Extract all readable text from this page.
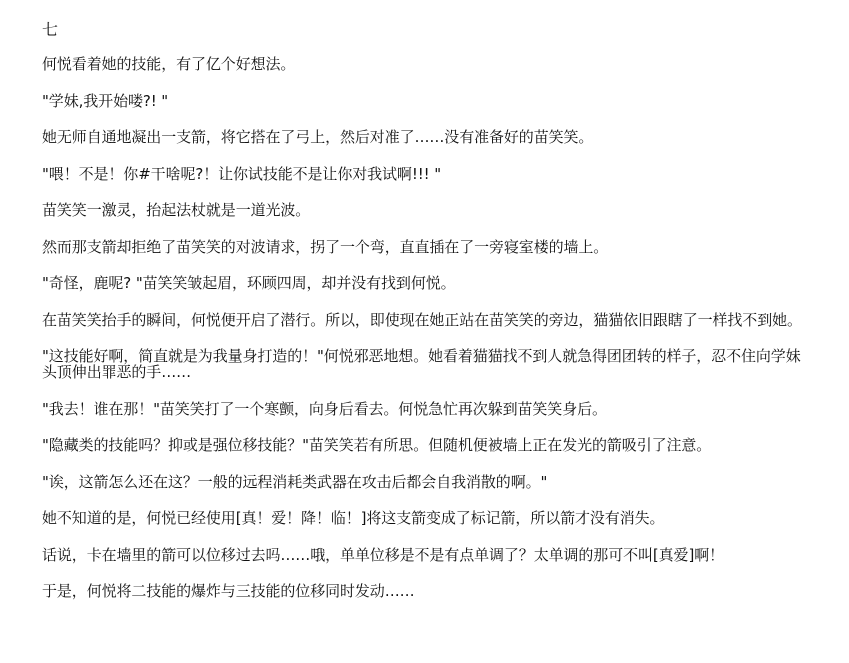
七
何悦看着她的技能，有了亿个好想法。
"学妹,我开始喽?! "
她无师自通地凝出一支箭，将它搭在了弓上，然后对准了……没有准备好的苗笑笑。
"喂！不是！你#干啥呢?！让你试技能不是让你对我试啊!!! "
苗笑笑一激灵，抬起法杖就是一道光波。
然而那支箭却拒绝了苗笑笑的对波请求，拐了一个弯，直直插在了一旁寝室楼的墙上。
"奇怪，鹿呢? "苗笑笑皱起眉，环顾四周，却并没有找到何悦。
在苗笑笑抬手的瞬间，何悦便开启了潜行。所以，即使现在她正站在苗笑笑的旁边，猫猫依旧跟瞎了一样找不到她。
"这技能好啊，简直就是为我量身打造的！"何悦邪恶地想。她看着猫猫找不到人就急得团团转的样子，忍不住向学妹头顶伸出罪恶的手……
"我去！谁在那！"苗笑笑打了一个寒颤，向身后看去。何悦急忙再次躲到苗笑笑身后。
"隐藏类的技能吗？抑或是强位移技能？"苗笑笑若有所思。但随机便被墙上正在发光的箭吸引了注意。
"诶，这箭怎么还在这？一般的远程消耗类武器在攻击后都会自我消散的啊。"
她不知道的是，何悦已经使用[真！爱！降！临！]将这支箭变成了标记箭，所以箭才没有消失。
话说，卡在墙里的箭可以位移过去吗……哦，单单位移是不是有点单调了？太单调的那可不叫[真爱]啊！
于是，何悦将二技能的爆炸与三技能的位移同时发动……
